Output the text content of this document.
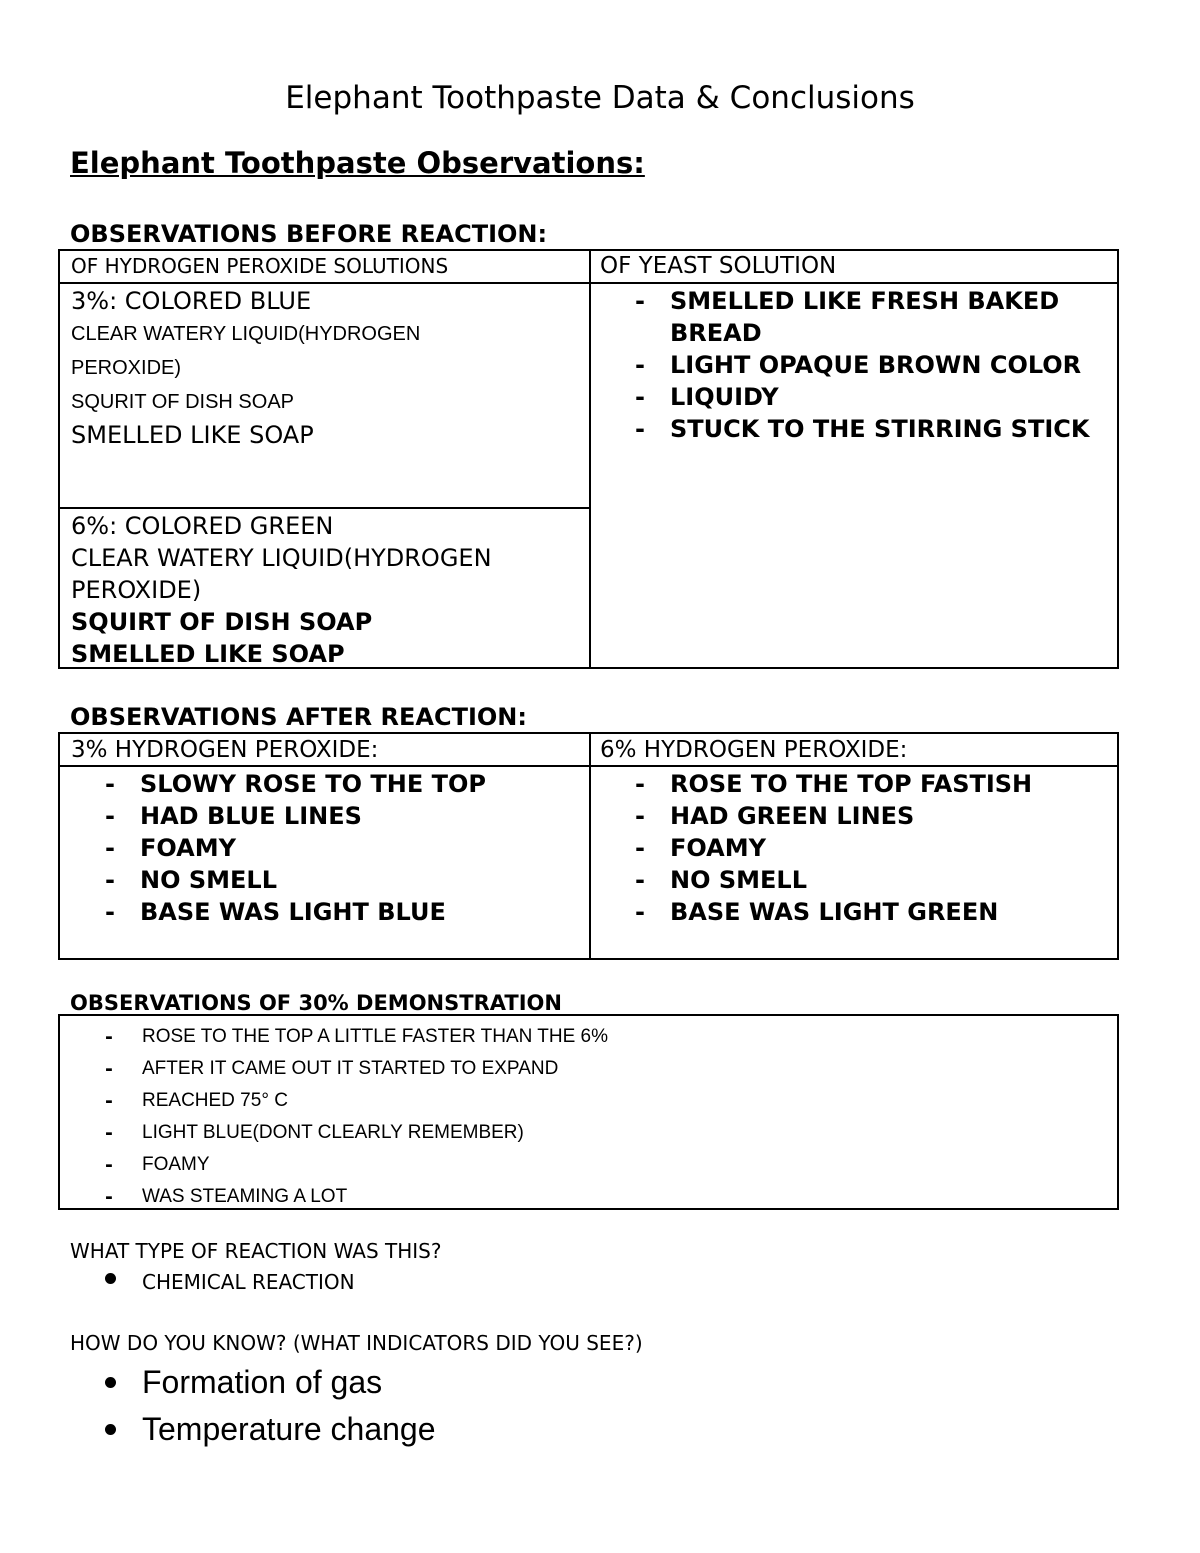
Elephant Toothpaste Data & Conclusions
Elephant Toothpaste Observations:
OBSERVATIONS BEFORE REACTION:
OF HYDROGEN PEROXIDE SOLUTIONS	OF YEAST SOLUTION
3%: COLORED BLUE
CLEAR WATERY LIQUID(HYDROGEN
PEROXIDE)
SQURIT OF DISH SOAP
SMELLED LIKE SOAP
6%: COLORED GREEN
CLEAR WATERY LIQUID(HYDROGEN
PEROXIDE)
SQUIRT OF DISH SOAP
SMELLED LIKE SOAP
- SMELLED LIKE FRESH BAKED BREAD
- LIGHT OPAQUE BROWN COLOR
- LIQUIDY
- STUCK TO THE STIRRING STICK
OBSERVATIONS AFTER REACTION:
3% HYDROGEN PEROXIDE:	6% HYDROGEN PEROXIDE:
- SLOWY ROSE TO THE TOP
- HAD BLUE LINES
- FOAMY
- NO SMELL
- BASE WAS LIGHT BLUE
- ROSE TO THE TOP FASTISH
- HAD GREEN LINES
- FOAMY
- NO SMELL
- BASE WAS LIGHT GREEN
OBSERVATIONS OF 30% DEMONSTRATION
- ROSE TO THE TOP A LITTLE FASTER THAN THE 6%
- AFTER IT CAME OUT IT STARTED TO EXPAND
- REACHED 75° C
- LIGHT BLUE(DONT CLEARLY REMEMBER)
- FOAMY
- WAS STEAMING A LOT
WHAT TYPE OF REACTION WAS THIS?
CHEMICAL REACTION
HOW DO YOU KNOW? (WHAT INDICATORS DID YOU SEE?)
Formation of gas
Temperature change
